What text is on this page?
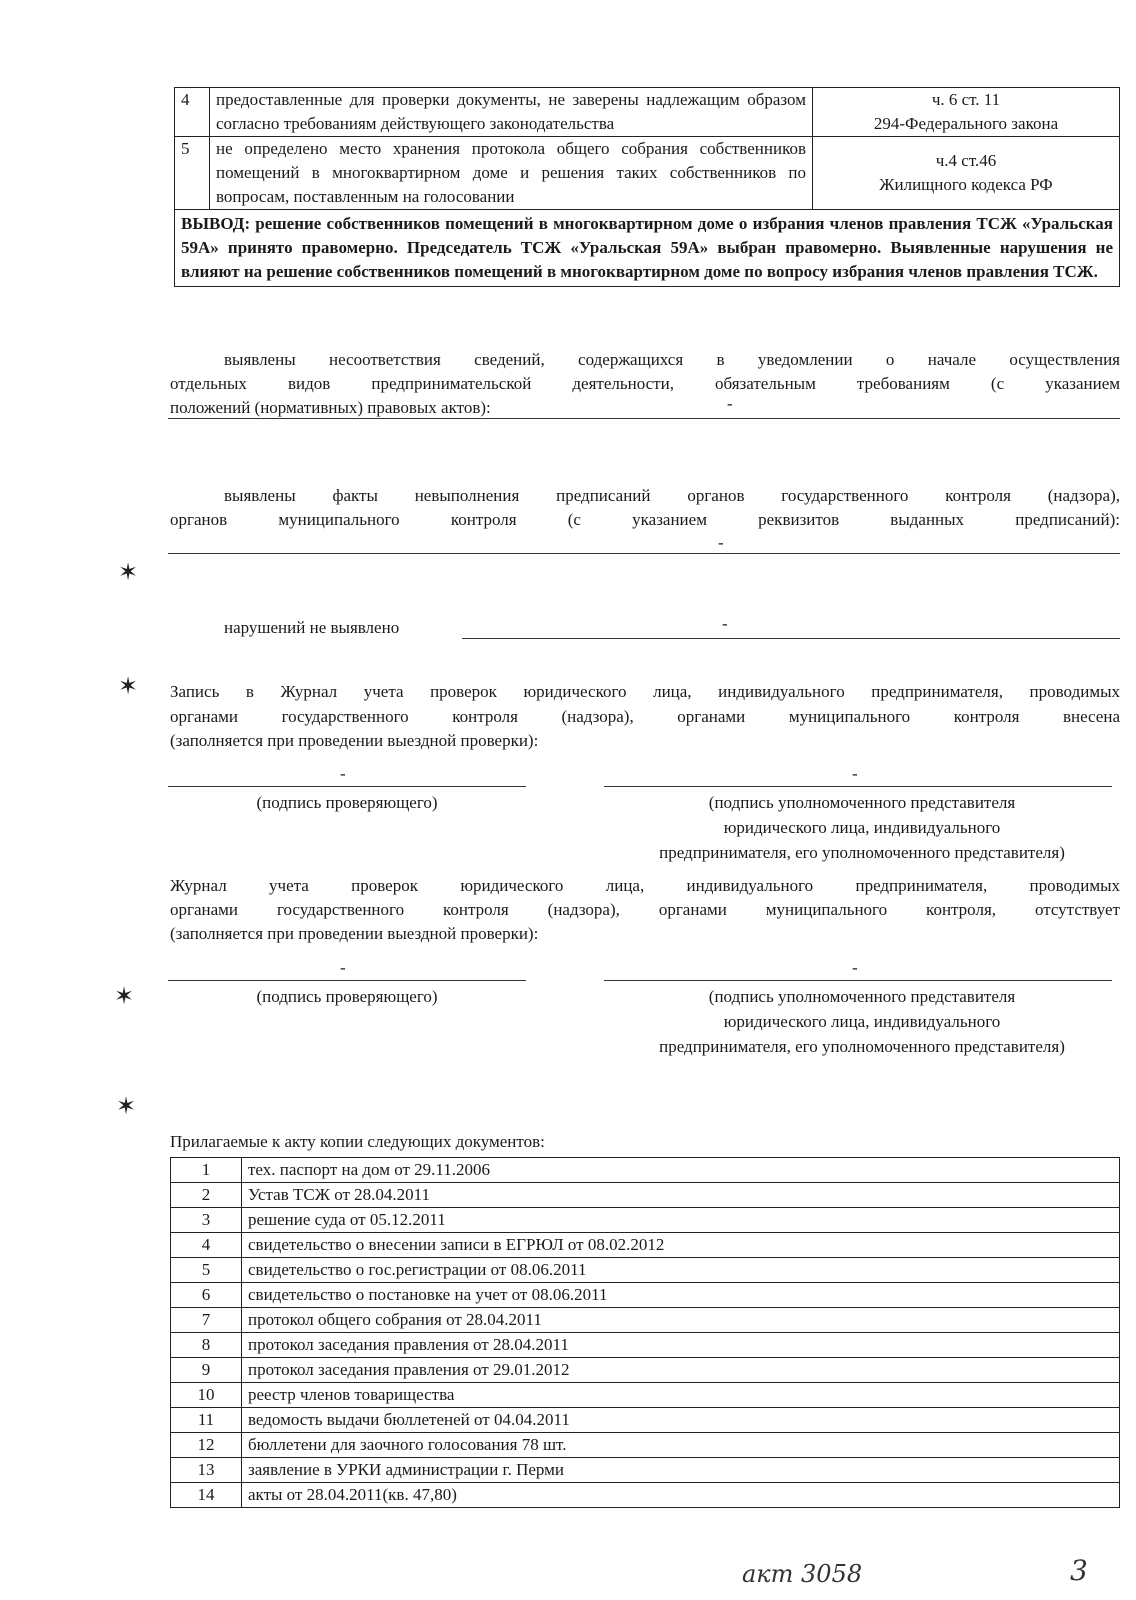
4	предоставленные для проверки документы, не заверены надлежащим образом согласно требованиям действующего законодательства	ч. 6 ст. 11
294-Федерального закона

5	не определено место хранения протокола общего собрания собственников помещений в многоквартирном доме и решения таких собственников по вопросам, поставленным на голосовании	ч.4 ст.46
Жилищного кодекса РФ

ВЫВОД: решение собственников помещений в многоквартирном доме о избрания членов правления ТСЖ «Уральская 59А» принято правомерно. Председатель ТСЖ «Уральская 59А» выбран правомерно. Выявленные нарушения не влияют на решение собственников помещений в многоквартирном доме по вопросу избрания членов правления ТСЖ.		
выявлены несоответствия сведений, содержащихся в уведомлении о начале осуществления
отдельных видов предпринимательской деятельности, обязательным требованиям (с указанием
положений (нормативных) правовых актов):	-
выявлены факты невыполнения предписаний органов государственного контроля (надзора),
органов муниципального контроля (с указанием реквизитов выданных предписаний):
-
✶
нарушений не выявлено	-
✶ Запись в Журнал учета проверок юридического лица, индивидуального предпринимателя, проводимых
органами государственного контроля (надзора), органами муниципального контроля внесена
(заполняется при проведении выездной проверки):
-	-
(подпись проверяющего)	(подпись уполномоченного представителя
юридического лица, индивидуального
предпринимателя, его уполномоченного представителя)
Журнал учета проверок юридического лица, индивидуального предпринимателя, проводимых
органами государственного контроля (надзора), органами муниципального контроля, отсутствует
(заполняется при проведении выездной проверки):
-	-
✶	(подпись проверяющего)	(подпись уполномоченного представителя
юридического лица, индивидуального
предпринимателя, его уполномоченного представителя)
✶
Прилагаемые к акту копии следующих документов:
1	тех. паспорт на дом от 29.11.2006
2	Устав ТСЖ от 28.04.2011
3	решение суда от 05.12.2011
4	свидетельство о внесении записи в ЕГРЮЛ от 08.02.2012
5	свидетельство о гос.регистрации от 08.06.2011
6	свидетельство о постановке на учет от 08.06.2011
7	протокол общего собрания от 28.04.2011
8	протокол заседания правления от 28.04.2011
9	протокол заседания правления от 29.01.2012
10	реестр членов товарищества
11	ведомость выдачи бюллетеней от 04.04.2011
12	бюллетени для заочного голосования 78 шт.
13	заявление в УРКИ администрации г. Перми
14	акты от 28.04.2011(кв. 47,80)
акт 3058	3
